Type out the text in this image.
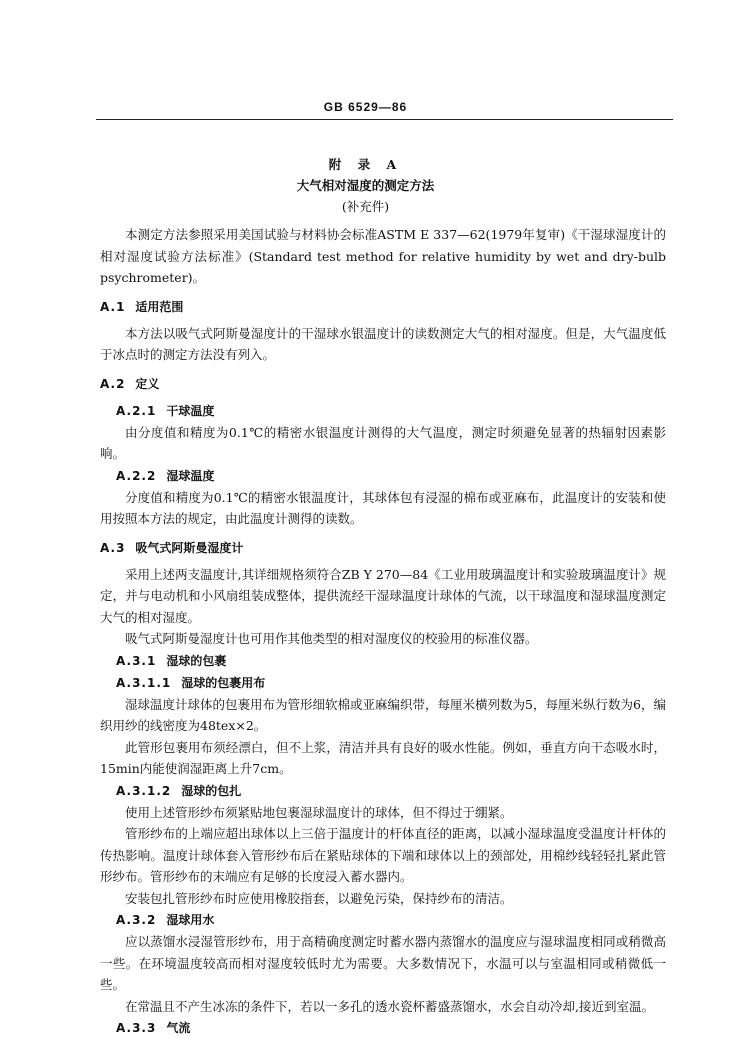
GB 6529—86
附 录 A
大气相对湿度的测定方法
(补充件)

本测定方法参照采用美国试验与材料协会标准ASTM E 337—62(1979年复审)《干湿球湿度计的相对湿度试验方法标准》(Standard test method for relative humidity by wet and dry-bulb psychrometer)。

A.1 适用范围

本方法以吸气式阿斯曼湿度计的干湿球水银温度计的读数测定大气的相对湿度。但是，大气温度低于冰点时的测定方法没有列入。

A.2 定义

A.2.1 干球温度

由分度值和精度为0.1℃的精密水银温度计测得的大气温度，测定时须避免显著的热辐射因素影响。

A.2.2 湿球温度

分度值和精度为0.1℃的精密水银温度计，其球体包有浸湿的棉布或亚麻布，此温度计的安装和使用按照本方法的规定，由此温度计测得的读数。

A.3 吸气式阿斯曼湿度计

采用上述两支温度计,其详细规格须符合ZB Y 270—84《工业用玻璃温度计和实验玻璃温度计》规定，并与电动机和小风扇组装成整体，提供流经干湿球温度计球体的气流，以干球温度和湿球温度测定大气的相对湿度。

吸气式阿斯曼湿度计也可用作其他类型的相对湿度仪的校验用的标准仪器。

A.3.1 湿球的包裹

A.3.1.1 湿球的包裹用布

湿球温度计球体的包裹用布为管形细软棉或亚麻编织带，每厘米横列数为5，每厘米纵行数为6，编织用纱的线密度为48tex×2。

此管形包裹用布须经漂白，但不上浆，清洁并具有良好的吸水性能。例如，垂直方向干态吸水时，15min内能使润湿距离上升7cm。

A.3.1.2 湿球的包扎

使用上述管形纱布须紧贴地包裹湿球温度计的球体，但不得过于绷紧。

管形纱布的上端应超出球体以上三倍于温度计的杆体直径的距离，以减小湿球温度受温度计杆体的传热影响。温度计球体套入管形纱布后在紧贴球体的下端和球体以上的颈部处，用棉纱线轻轻扎紧此管形纱布。管形纱布的末端应有足够的长度浸入蓄水器内。

安装包扎管形纱布时应使用橡胶指套，以避免污染，保持纱布的清洁。

A.3.2 湿球用水

应以蒸馏水浸湿管形纱布，用于高精确度测定时蓄水器内蒸馏水的温度应与湿球温度相同或稍微高一些。在环境温度较高而相对湿度较低时尤为需要。大多数情况下，水温可以与室温相同或稍微低一些。

在常温且不产生冰冻的条件下，若以一多孔的透水瓷杯蓄盛蒸馏水，水会自动冷却,接近到室温。

A.3.3 气流
